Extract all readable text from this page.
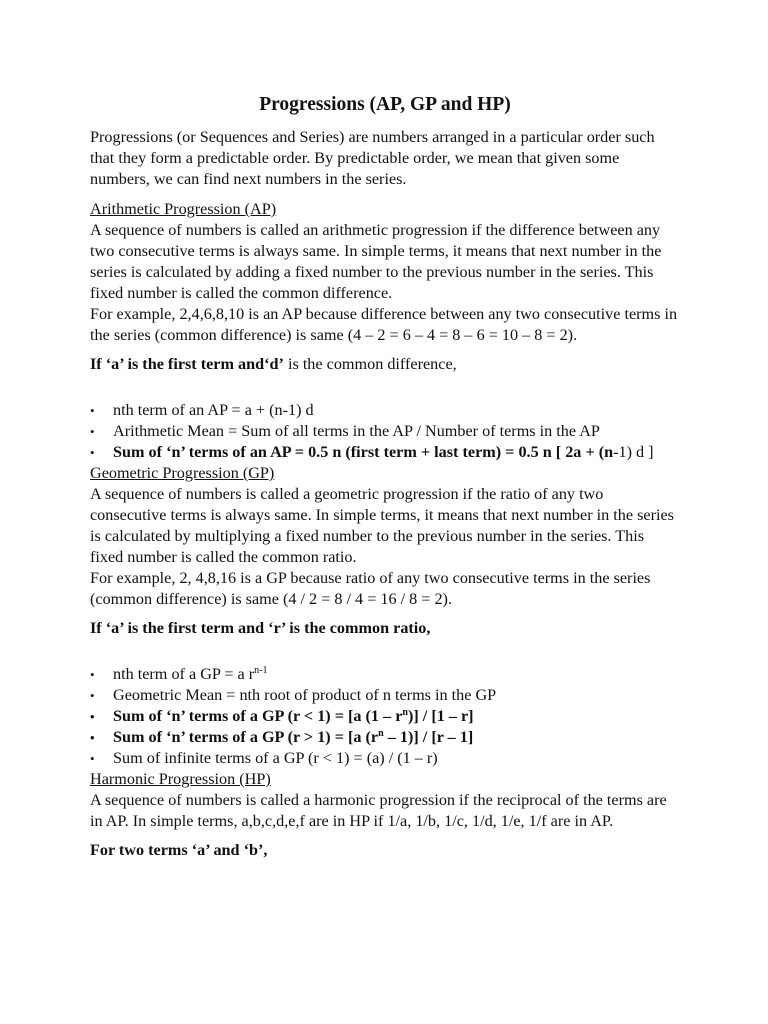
Progressions (AP, GP and HP)

Progressions (or Sequences and Series) are numbers arranged in a particular order such that they form a predictable order. By predictable order, we mean that given some numbers, we can find next numbers in the series.

Arithmetic Progression (AP)

A sequence of numbers is called an arithmetic progression if the difference between any two consecutive terms is always same. In simple terms, it means that next number in the series is calculated by adding a fixed number to the previous number in the series. This fixed number is called the common difference.

For example, 2,4,6,8,10 is an AP because difference between any two consecutive terms in the series (common difference) is same (4 – 2 = 6 – 4 = 8 – 6 = 10 – 8 = 2).

If ‘a’ is the first term and‘d’ is the common difference,

• nth term of an AP = a + (n-1) d
• Arithmetic Mean = Sum of all terms in the AP / Number of terms in the AP
• Sum of ‘n’ terms of an AP = 0.5 n (first term + last term) = 0.5 n [ 2a + (n-1) d ]

Geometric Progression (GP)

A sequence of numbers is called a geometric progression if the ratio of any two consecutive terms is always same. In simple terms, it means that next number in the series is calculated by multiplying a fixed number to the previous number in the series. This fixed number is called the common ratio.

For example, 2, 4,8,16 is a GP because ratio of any two consecutive terms in the series (common difference) is same (4 / 2 = 8 / 4 = 16 / 8 = 2).

If ‘a’ is the first term and ‘r’ is the common ratio,

• nth term of a GP = a $r^{n-1}$
• Geometric Mean = nth root of product of n terms in the GP
• Sum of ‘n’ terms of a GP (r < 1) = [a $(1 - r^n)] / [1 - r]$
• Sum of ‘n’ terms of a GP (r > 1) = [a $(r^n - 1)] / [r - 1]$
• Sum of infinite terms of a GP (r < 1) = (a) / (1 – r)

Harmonic Progression (HP)

A sequence of numbers is called a harmonic progression if the reciprocal of the terms are in AP. In simple terms, a,b,c,d,e,f are in HP if 1/a, 1/b, 1/c, 1/d, 1/e, 1/f are in AP.

For two terms ‘a’ and ‘b’,
